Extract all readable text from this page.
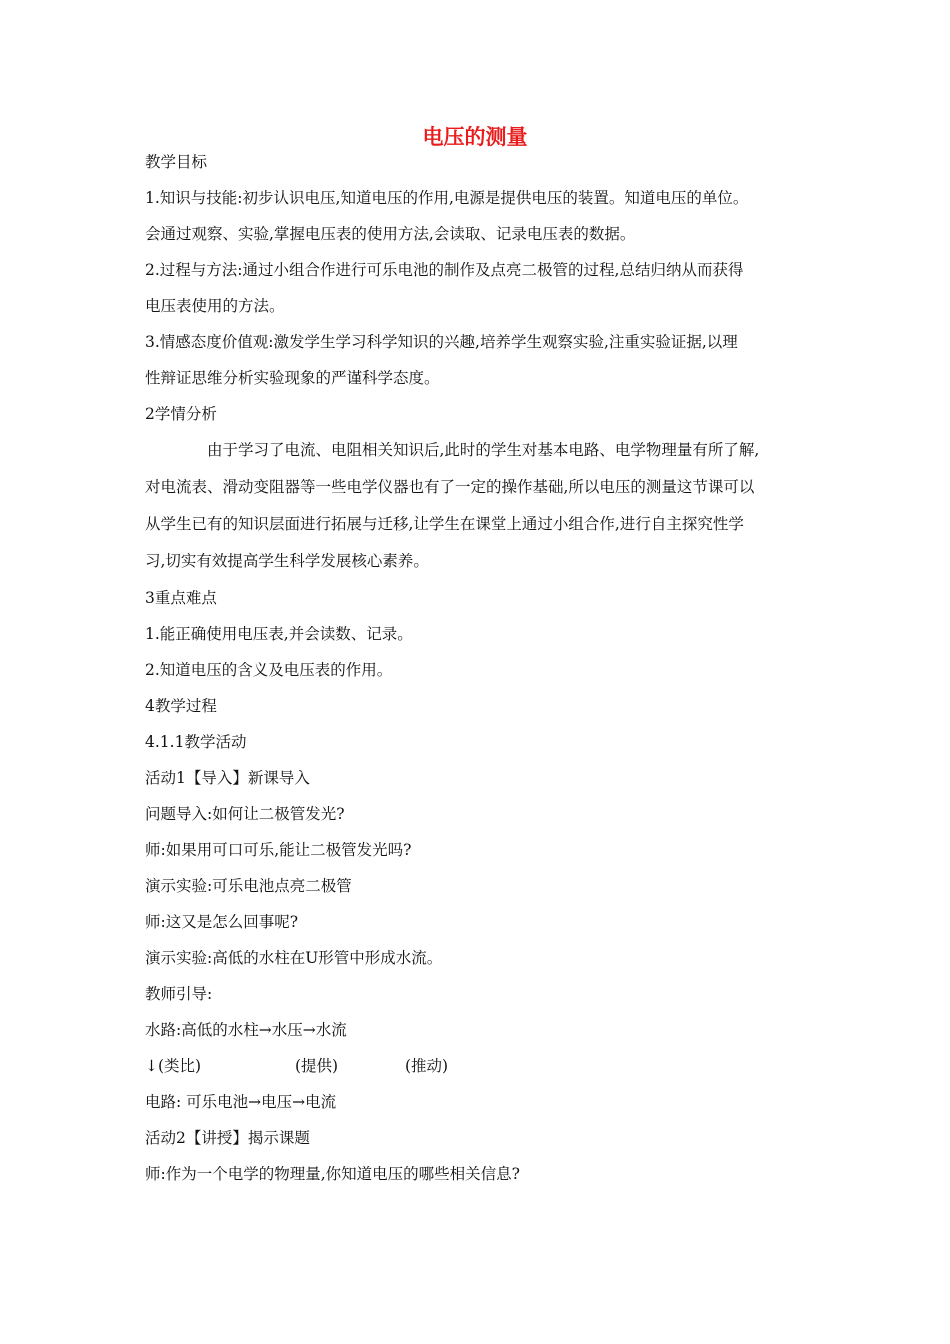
电压的测量
教学目标
1.知识与技能:初步认识电压,知道电压的作用,电源是提供电压的装置。知道电压的单位。
会通过观察、实验,掌握电压表的使用方法,会读取、记录电压表的数据。
2.过程与方法:通过小组合作进行可乐电池的制作及点亮二极管的过程,总结归纳从而获得
电压表使用的方法。
3.情感态度价值观:激发学生学习科学知识的兴趣,培养学生观察实验,注重实验证据,以理
性辩证思维分析实验现象的严谨科学态度。
2学情分析
由于学习了电流、电阻相关知识后,此时的学生对基本电路、电学物理量有所了解,
对电流表、滑动变阻器等一些电学仪器也有了一定的操作基础,所以电压的测量这节课可以
从学生已有的知识层面进行拓展与迁移,让学生在课堂上通过小组合作,进行自主探究性学
习,切实有效提高学生科学发展核心素养。
3重点难点
1.能正确使用电压表,并会读数、记录。
2.知道电压的含义及电压表的作用。
4教学过程
4.1.1教学活动
活动1【导入】新课导入
问题导入:如何让二极管发光?
师:如果用可口可乐,能让二极管发光吗?
演示实验:可乐电池点亮二极管
师:这又是怎么回事呢?
演示实验:高低的水柱在U形管中形成水流。
教师引导:
水路:高低的水柱→水压→水流
↓(类比)	(提供)	(推动)
电路: 可乐电池→电压→电流
活动2【讲授】揭示课题
师:作为一个电学的物理量,你知道电压的哪些相关信息?
